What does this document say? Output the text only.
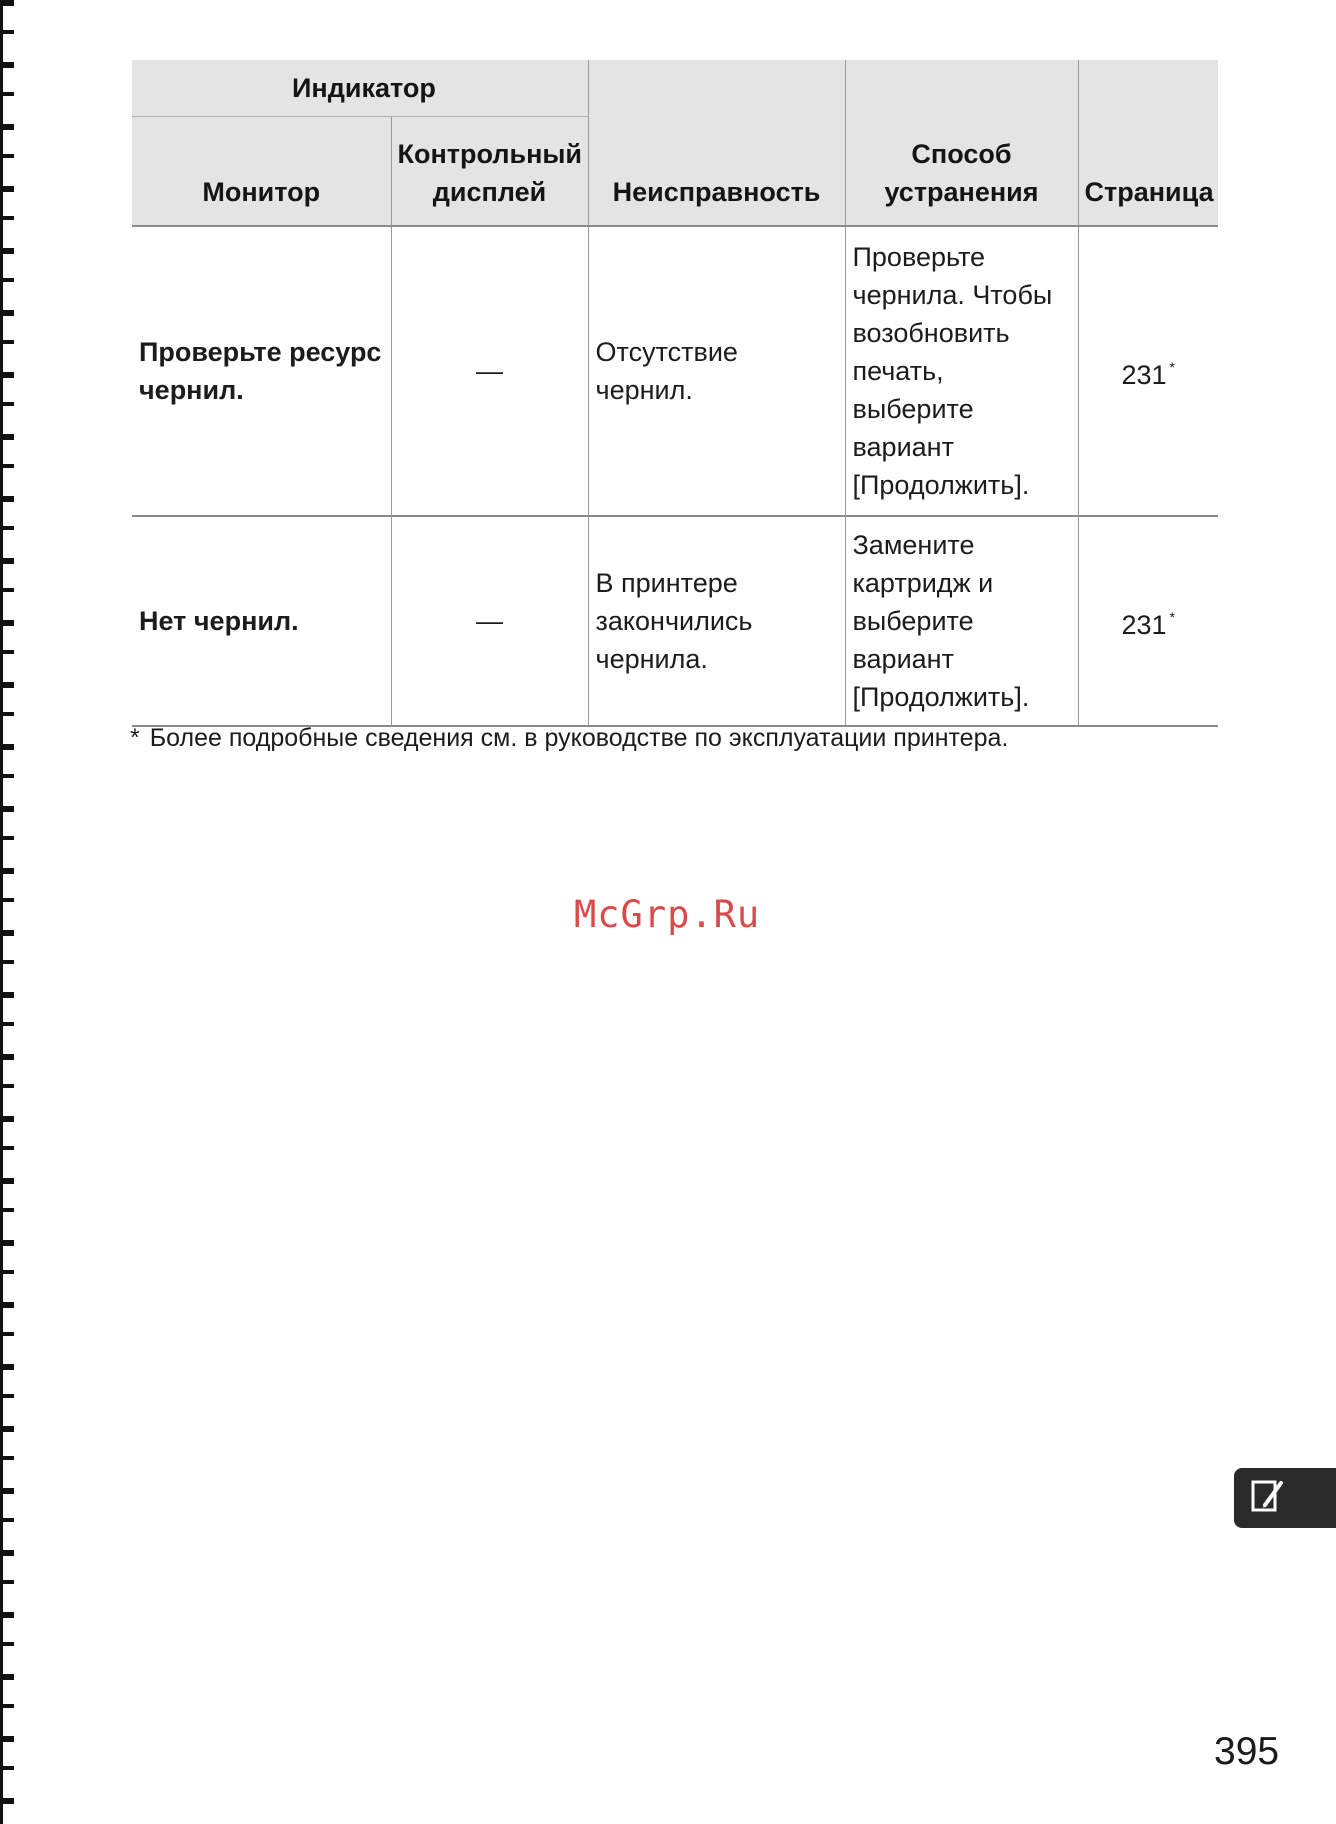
Индикатор		Неисправность	Способ устранения	Страница
Монитор	Контрольный дисплей			
Проверьте ресурс чернил.	—	Отсутствие чернил.	Проверьте чернила. Чтобы возобновить печать, выберите вариант [Продолжить].	231 *
Нет чернил.	—	В принтере закончились чернила.	Замените картридж и выберите вариант [Продолжить].	231 *
* Более подробные сведения см. в руководстве по эксплуатации принтера.
McGrp.Ru
395
